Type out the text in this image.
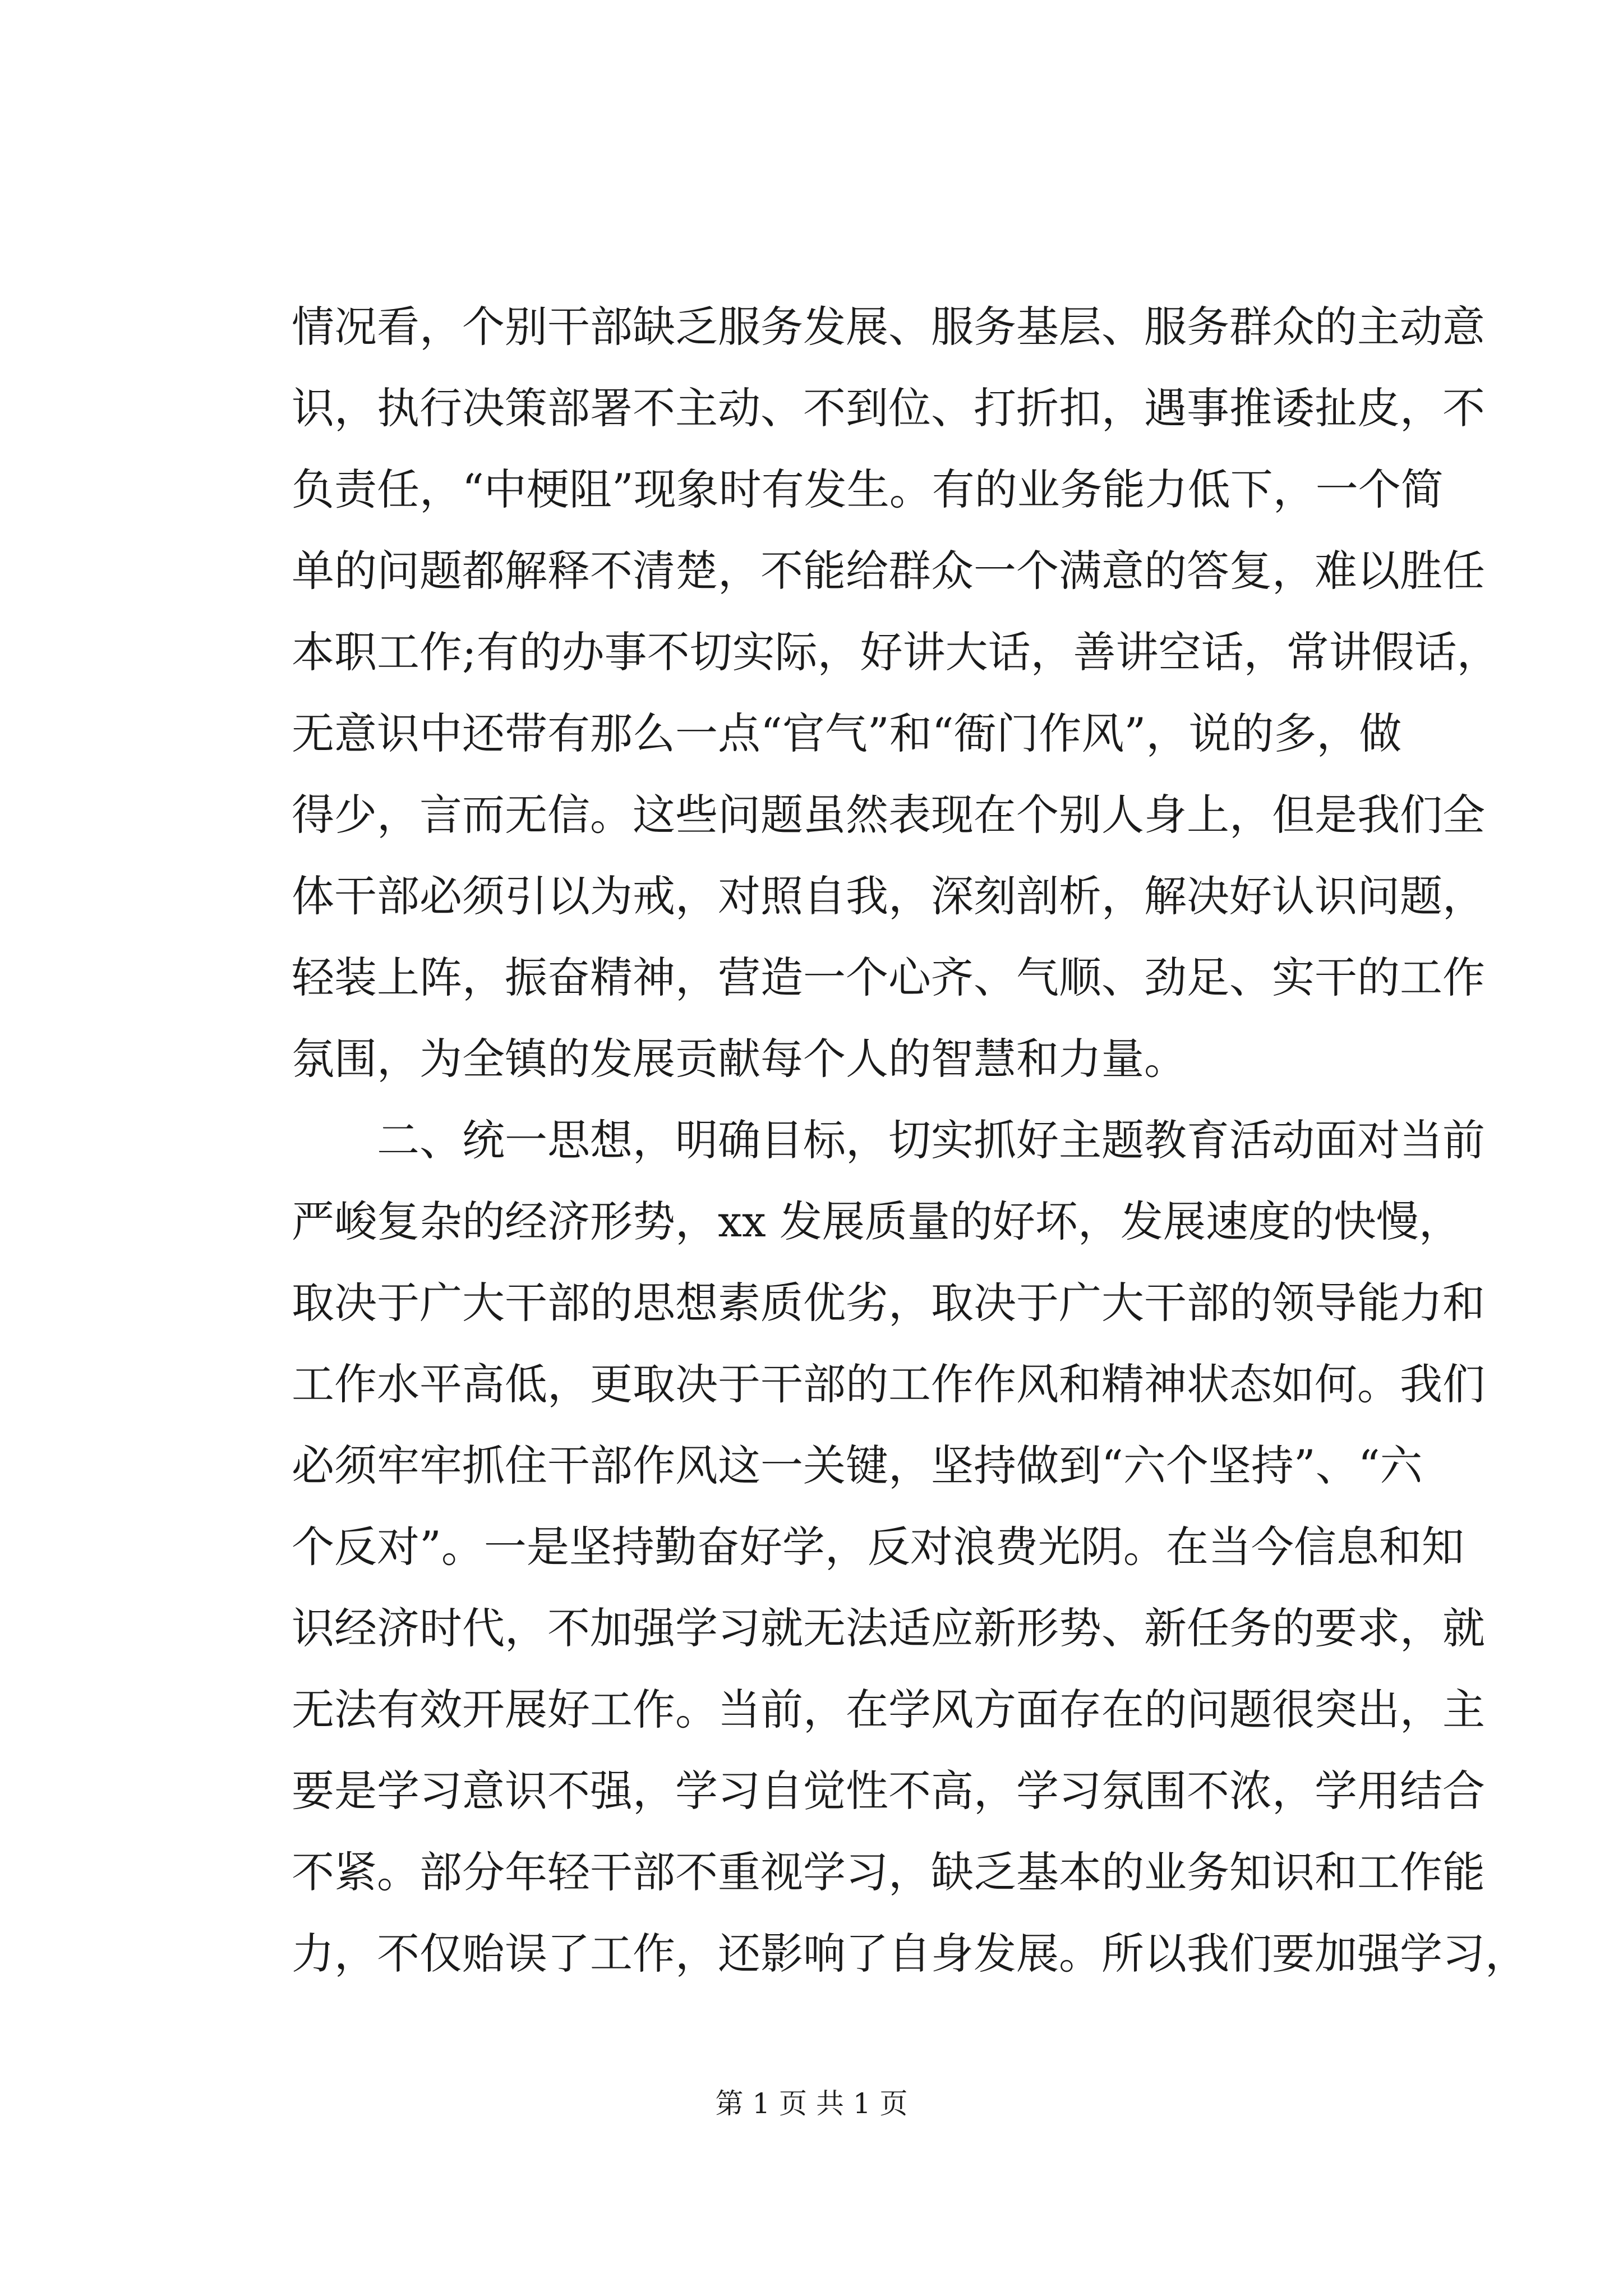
情况看，个别干部缺乏服务发展、服务基层、服务群众的主动意
识，执行决策部署不主动、不到位、打折扣，遇事推诿扯皮，不
负责任，“中梗阻”现象时有发生。有的业务能力低下，一个简
单的问题都解释不清楚，不能给群众一个满意的答复，难以胜任
本职工作;有的办事不切实际，好讲大话，善讲空话，常讲假话，
无意识中还带有那么一点“官气”和“衙门作风”，说的多，做
得少，言而无信。这些问题虽然表现在个别人身上，但是我们全
体干部必须引以为戒，对照自我，深刻剖析，解决好认识问题，
轻装上阵，振奋精神，营造一个心齐、气顺、劲足、实干的工作
氛围，为全镇的发展贡献每个人的智慧和力量。
二、统一思想，明确目标，切实抓好主题教育活动面对当前
严峻复杂的经济形势，xx 发展质量的好坏，发展速度的快慢，
取决于广大干部的思想素质优劣，取决于广大干部的领导能力和
工作水平高低，更取决于干部的工作作风和精神状态如何。我们
必须牢牢抓住干部作风这一关键，坚持做到“六个坚持”、“六
个反对”。一是坚持勤奋好学，反对浪费光阴。在当今信息和知
识经济时代，不加强学习就无法适应新形势、新任务的要求，就
无法有效开展好工作。当前，在学风方面存在的问题很突出，主
要是学习意识不强，学习自觉性不高，学习氛围不浓，学用结合
不紧。部分年轻干部不重视学习，缺乏基本的业务知识和工作能
力，不仅贻误了工作，还影响了自身发展。所以我们要加强学习，
第 1 页 共 1 页
